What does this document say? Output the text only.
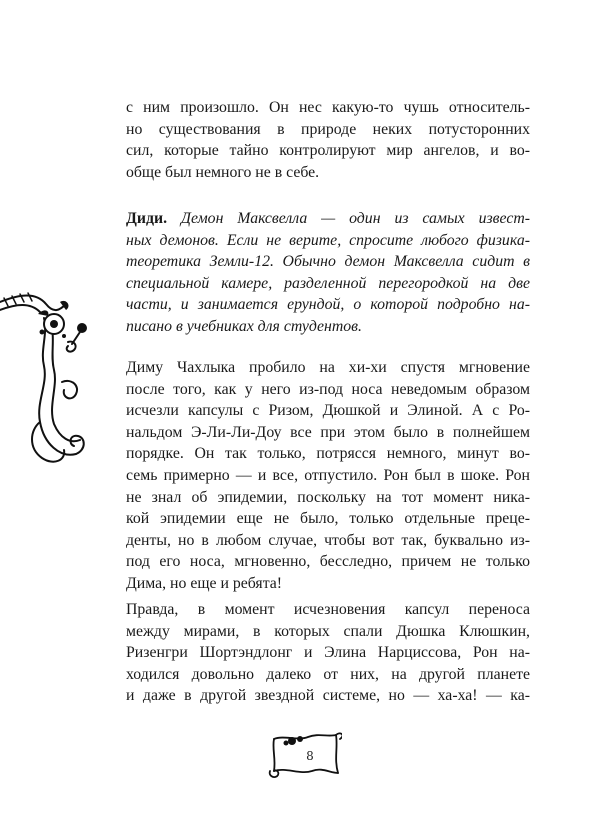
с ним произошло. Он нес какую-то чушь относитель-
но существования в природе неких потусторонних
сил, которые тайно контролируют мир ангелов, и во-
обще был немного не в себе.

Диди. Демон Максвелла — один из самых извест-
ных демонов. Если не верите, спросите любого физика-
теоретика Земли-12. Обычно демон Максвелла сидит в
специальной камере, разделенной перегородкой на две
части, и занимается ерундой, о которой подробно на-
писано в учебниках для студентов.

Диму Чахлыка пробило на хи-хи спустя мгновение
после того, как у него из-под носа неведомым образом
исчезли капсулы с Ризом, Дюшкой и Элиной. А с Ро-
нальдом Э-Ли-Ли-Доу все при этом было в полнейшем
порядке. Он так только, потрясся немного, минут во-
семь примерно — и все, отпустило. Рон был в шоке. Рон
не знал об эпидемии, поскольку на тот момент ника-
кой эпидемии еще не было, только отдельные преце-
денты, но в любом случае, чтобы вот так, буквально из-
под его носа, мгновенно, бесследно, причем не только
Дима, но еще и ребята!

Правда, в момент исчезновения капсул переноса
между мирами, в которых спали Дюшка Клюшкин,
Ризенгри Шортэндлонг и Элина Нарциссова, Рон на-
ходился довольно далеко от них, на другой планете
и даже в другой звездной системе, но — ха-ха! — ка-

8
